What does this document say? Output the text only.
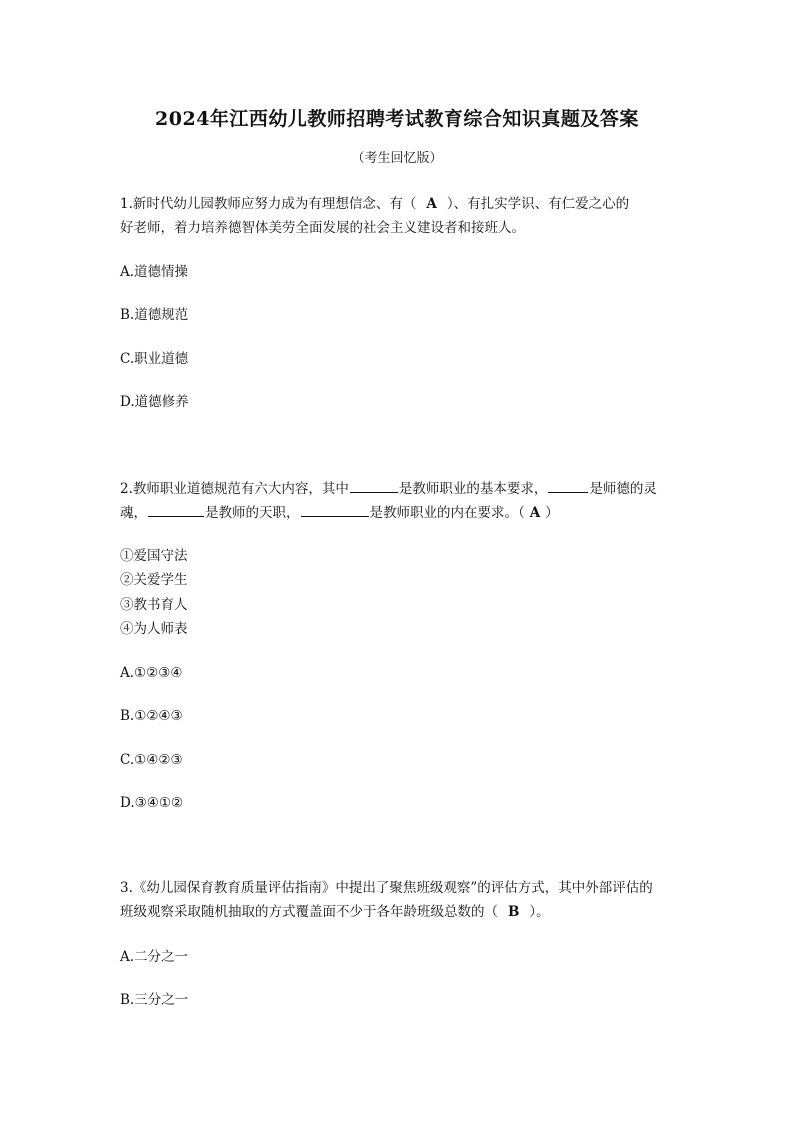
2024年江西幼儿教师招聘考试教育综合知识真题及答案
（考生回忆版）
1.新时代幼儿园教师应努力成为有理想信念、有（ A ）、有扎实学识、有仁爱之心的
好老师，着力培养德智体美劳全面发展的社会主义建设者和接班人。
A.道德情操
B.道德规范
C.职业道德
D.道德修养
2.教师职业道德规范有六大内容，其中	是教师职业的基本要求，	是师德的灵
魂，	是教师的天职，	是教师职业的内在要求。（ A ）
①爱国守法
②关爱学生
③教书育人
④为人师表
A.①②③④
B.①②④③
C.①④②③
D.③④①②
3.《幼儿园保育教育质量评估指南》中提出了聚焦班级观察”的评估方式，其中外部评估的
班级观察采取随机抽取的方式覆盖面不少于各年龄班级总数的（ B ）。
A.二分之一
B.三分之一
